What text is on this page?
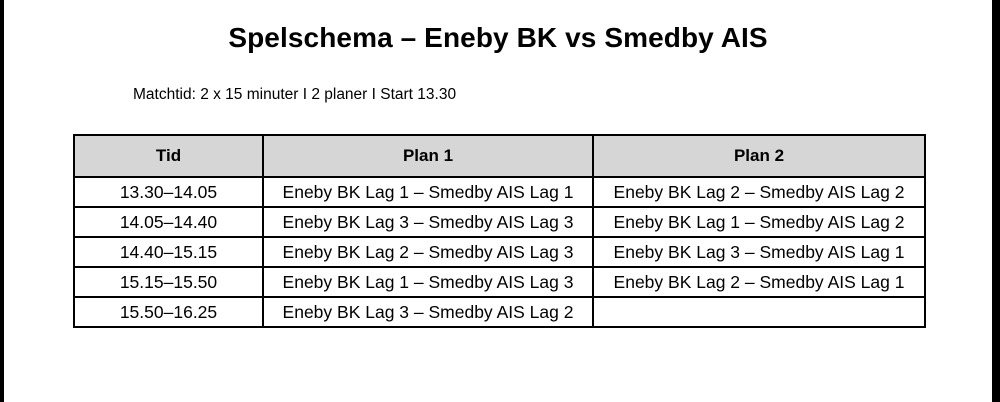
Spelschema – Eneby BK vs Smedby AIS

Matchtid: 2 x 15 minuter I 2 planer I Start 13.30

Tid	Plan 1	Plan 2
13.30–14.05	Eneby BK Lag 1 – Smedby AIS Lag 1	Eneby BK Lag 2 – Smedby AIS Lag 2
14.05–14.40	Eneby BK Lag 3 – Smedby AIS Lag 3	Eneby BK Lag 1 – Smedby AIS Lag 2
14.40–15.15	Eneby BK Lag 2 – Smedby AIS Lag 3	Eneby BK Lag 3 – Smedby AIS Lag 1
15.15–15.50	Eneby BK Lag 1 – Smedby AIS Lag 3	Eneby BK Lag 2 – Smedby AIS Lag 1
15.50–16.25	Eneby BK Lag 3 – Smedby AIS Lag 2	
